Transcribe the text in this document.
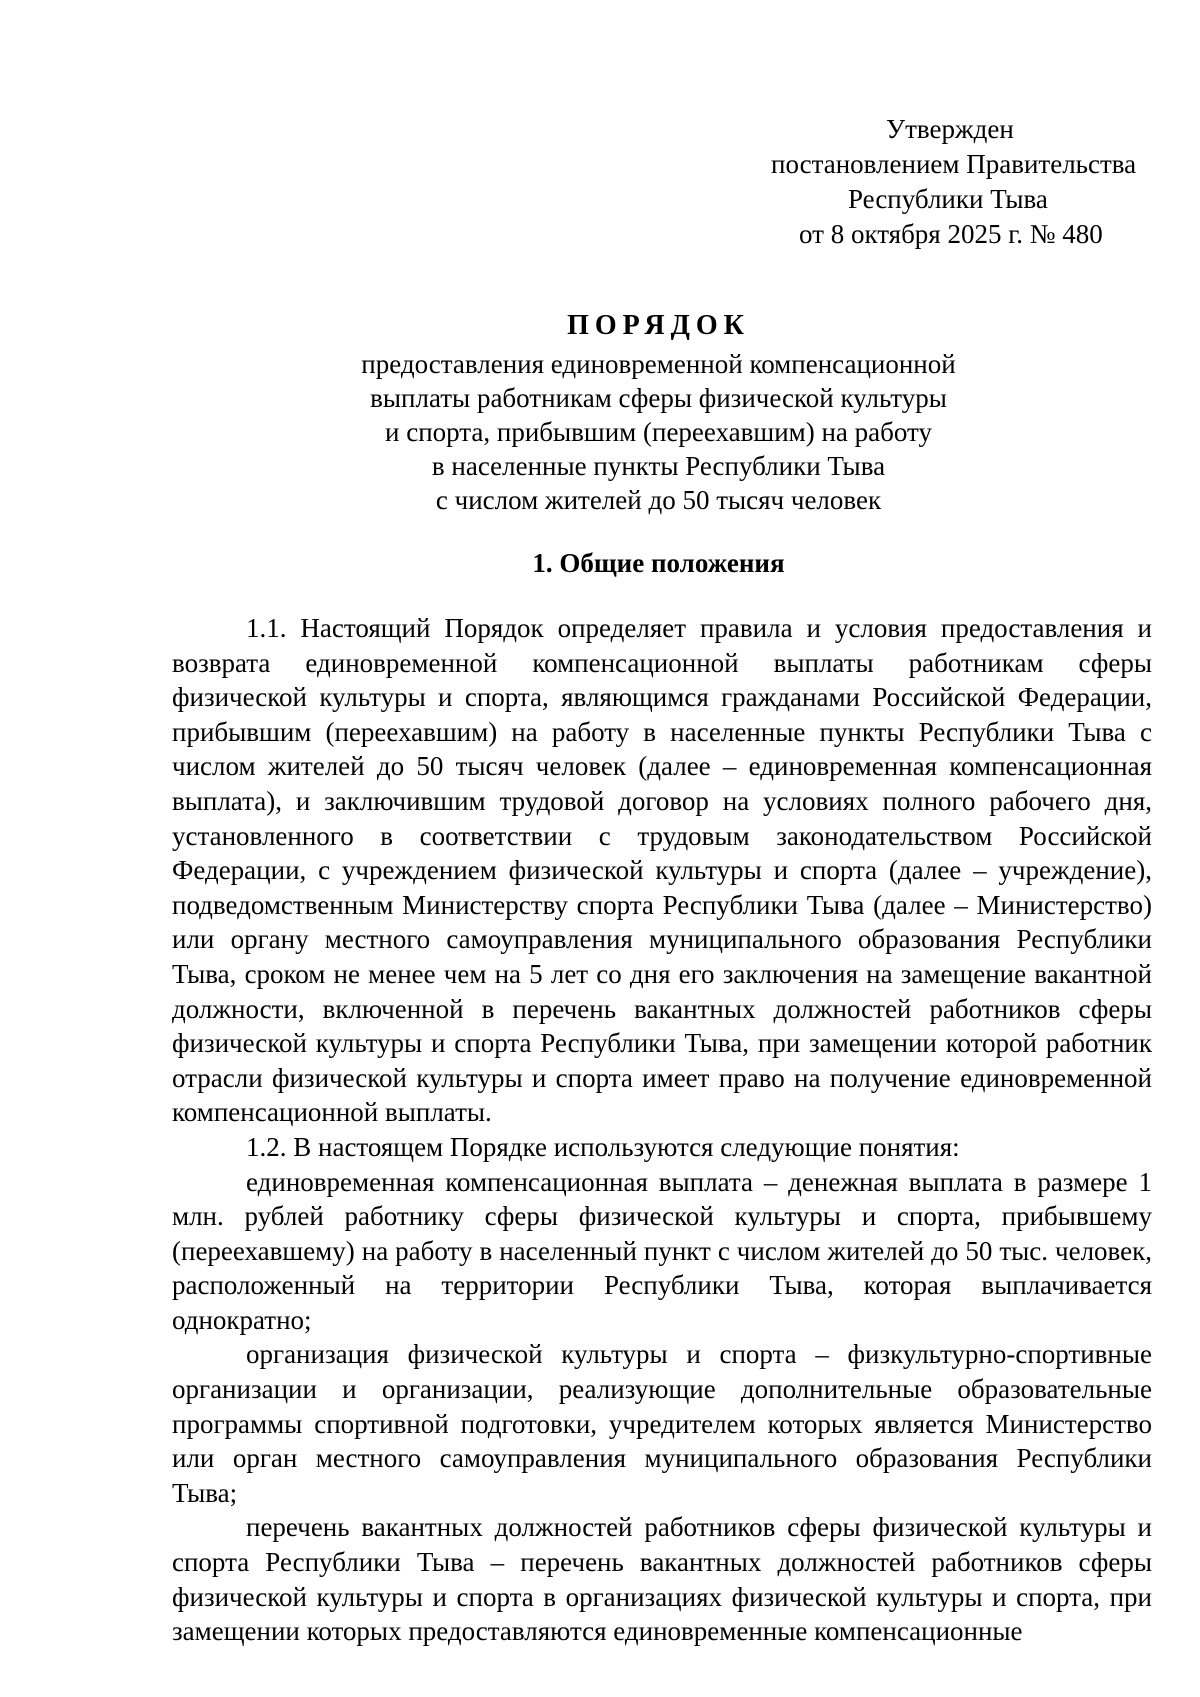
Утвержден
постановлением Правительства
Республики Тыва
от 8 октября 2025 г. № 480
ПОРЯДОК
предоставления единовременной компенсационной
выплаты работникам сферы физической культуры
и спорта, прибывшим (переехавшим) на работу
в населенные пункты Республики Тыва
с числом жителей до 50 тысяч человек
1. Общие положения

1.1. Настоящий Порядок определяет правила и условия предоставления и возврата единовременной компенсационной выплаты работникам сферы физической культуры и спорта, являющимся гражданами Российской Федерации, прибывшим (переехавшим) на работу в населенные пункты Республики Тыва с числом жителей до 50 тысяч человек (далее – единовременная компенсационная выплата), и заключившим трудовой договор на условиях полного рабочего дня, установленного в соответствии с трудовым законодательством Российской Федерации, с учреждением физической культуры и спорта (далее – учреждение), подведомственным Министерству спорта Республики Тыва (далее – Министерство) или органу местного самоуправления муниципального образования Республики Тыва, сроком не менее чем на 5 лет со дня его заключения на замещение вакантной должности, включенной в перечень вакантных должностей работников сферы физической культуры и спорта Республики Тыва, при замещении которой работник отрасли физической культуры и спорта имеет право на получение единовременной компенсационной выплаты.

1.2. В настоящем Порядке используются следующие понятия:

единовременная компенсационная выплата – денежная выплата в размере 1 млн. рублей работнику сферы физической культуры и спорта, прибывшему (переехавшему) на работу в населенный пункт с числом жителей до 50 тыс. человек, расположенный на территории Республики Тыва, которая выплачивается однократно;

организация физической культуры и спорта – физкультурно-спортивные организации и организации, реализующие дополнительные образовательные программы спортивной подготовки, учредителем которых является Министерство или орган местного самоуправления муниципального образования Республики Тыва;

перечень вакантных должностей работников сферы физической культуры и спорта Республики Тыва – перечень вакантных должностей работников сферы физической культуры и спорта в организациях физической культуры и спорта, при замещении которых предоставляются единовременные компенсационные
